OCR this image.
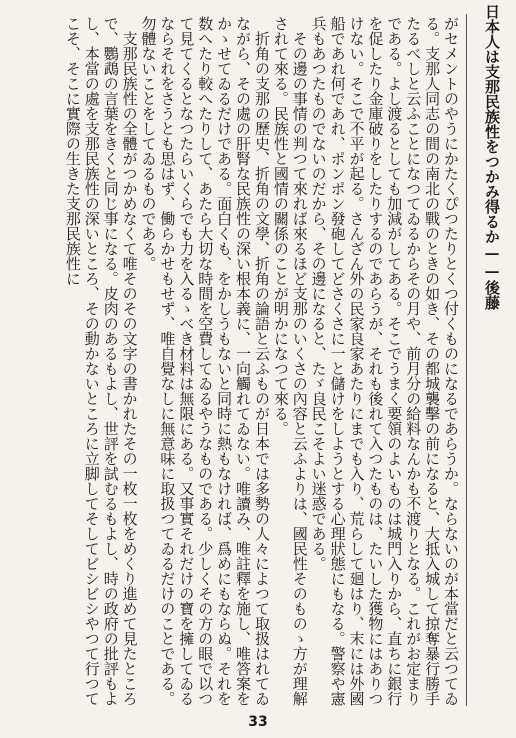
日本人は支那民族性をつかみ得るか——後藤

がセメントのやうにかたくぴつたりとくつ付くものになるであらうか。ならないのが本當だと云つてゐる。支那人同志の間の南北の戰のときの如き、その都城襲擊の前になると、大抵入城して掠奪暴行勝手たるべしと云ふことになつてゐるからその月や、前月分の給料なんかも不渡りとなる。これがお定まりである。よし渡るとしても加減がしてある。そこでうまく要領のよいものは城門入りから、直ちに銀行を促したり金庫破りをしたりするのであらうが、それも後れて入つたものは、たいした獲物にはありつけない。そこで不平が起る。さんざん外の民家良家あたりにまでも入り、荒らして廻はり、末には外國船であれ何であれ、ポンポン發砲してどさくさに一と儲けをしようとする心理狀態にもなる。警察や憲兵もあつたものでないのだから、その邊になると、たゞ良民こそよい迷惑である。

その邊の事情の判つて來れば來るほど支那のいくさの內容と云ふよりは、國民性そのものゝ方が理解されて來る。民族性と國情の關係のことが明かになつて來る。

折角の支那の歷史、折角の文學、折角の論語と云ふものが日本では多勢の人々によつて取扱はれてゐながら、その處の肝腎な民族性の深い根本義に、一向觸れてゐない。唯讀み、唯註釋を施し、唯答案をかゝせてゐるだけである。面白くも、をかしうもないと同時に熱もなければ、爲めにもならぬ。それを数へたり較へたりして、あたら大切な時間を空費してゐるやうなものである。少しくその方の眼で以つて見てくるとなつたらいくらでも力を入るゝべき材料は無限にある。又事實それだけの寶を擁してゐるならそれをさうとも思はず、働らかせもせず、唯自覺なしに無意味に取扱つてゐるだけのことである。勿體ないことをしてゐるものである。

支那民族性の全體がつかめなくて唯そのその文字の書かれたその一枚一枚をめくり進めて見たところで、鸚鵡の言葉をきくと同じ事になる。皮肉のあるもよし、世評を試むるもよし、時の政府の批評もよし、本當の處を支那民族性の深いところ、その動かないところに立脚してそしてビシビシやつて行つてこそ、そこに實際の生きた支那民族性に

33
